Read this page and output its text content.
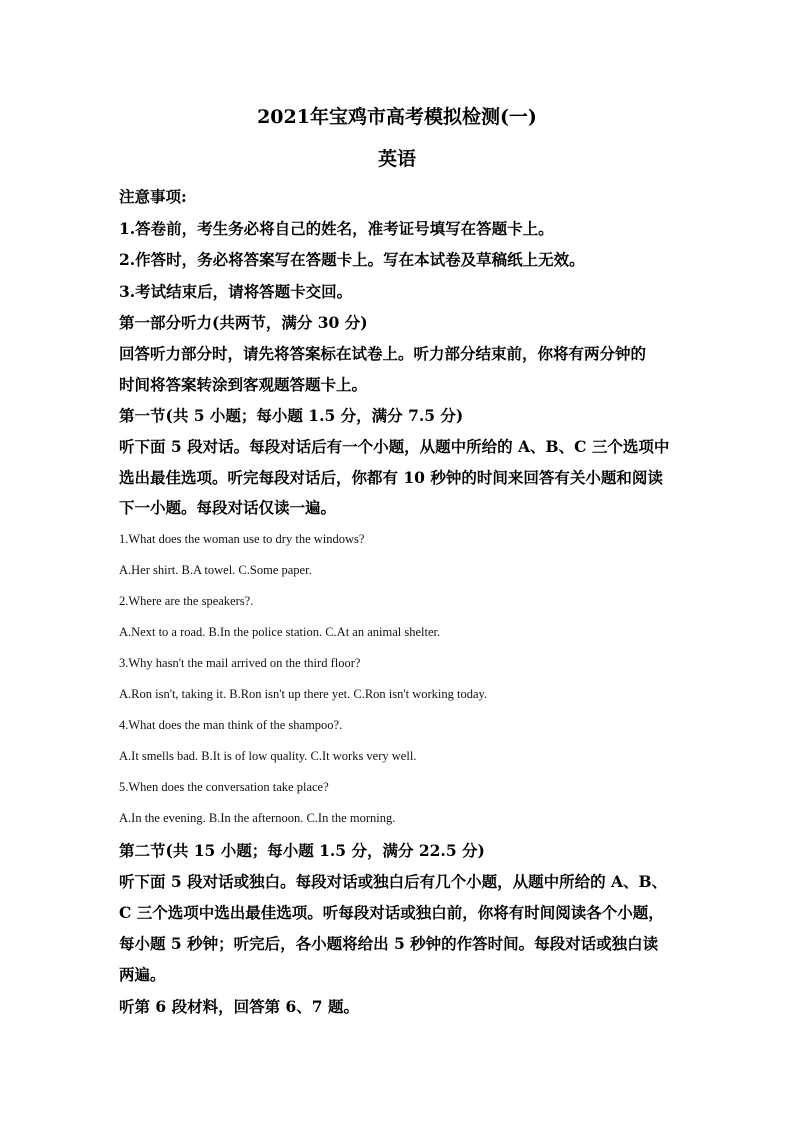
2021年宝鸡市高考模拟检测(一)
英语

注意事项:

1.答卷前，考生务必将自己的姓名，准考证号填写在答题卡上。

2.作答时，务必将答案写在答题卡上。写在本试卷及草稿纸上无效。

3.考试结束后，请将答题卡交回。

第一部分听力(共两节，满分 30 分)

回答听力部分时，请先将答案标在试卷上。听力部分结束前，你将有两分钟的

时间将答案转涂到客观题答题卡上。

第一节(共 5 小题；每小题 1.5 分，满分 7.5 分)

听下面 5 段对话。每段对话后有一个小题，从题中所给的 A、B、C 三个选项中

选出最佳选项。听完每段对话后，你都有 10 秒钟的时间来回答有关小题和阅读

下一小题。每段对话仅读一遍。

1.What does the woman use to dry the windows?

A.Her shirt. B.A towel. C.Some paper.

2.Where are the speakers?.

A.Next to a road. B.In the police station. C.At an animal shelter.

3.Why hasn't the mail arrived on the third floor?

A.Ron isn't, taking it. B.Ron isn't up there yet. C.Ron isn't working today.

4.What does the man think of the shampoo?.

A.It smells bad. B.It is of low quality. C.It works very well.

5.When does the conversation take place?

A.In the evening. B.In the afternoon. C.In the morning.

第二节(共 15 小题；每小题 1.5 分，满分 22.5 分)

听下面 5 段对话或独白。每段对话或独白后有几个小题，从题中所给的 A、B、

C 三个选项中选出最佳选项。听每段对话或独白前，你将有时间阅读各个小题，

每小题 5 秒钟；听完后，各小题将给出 5 秒钟的作答时间。每段对话或独白读

两遍。

听第 6 段材料，回答第 6、7 题。
